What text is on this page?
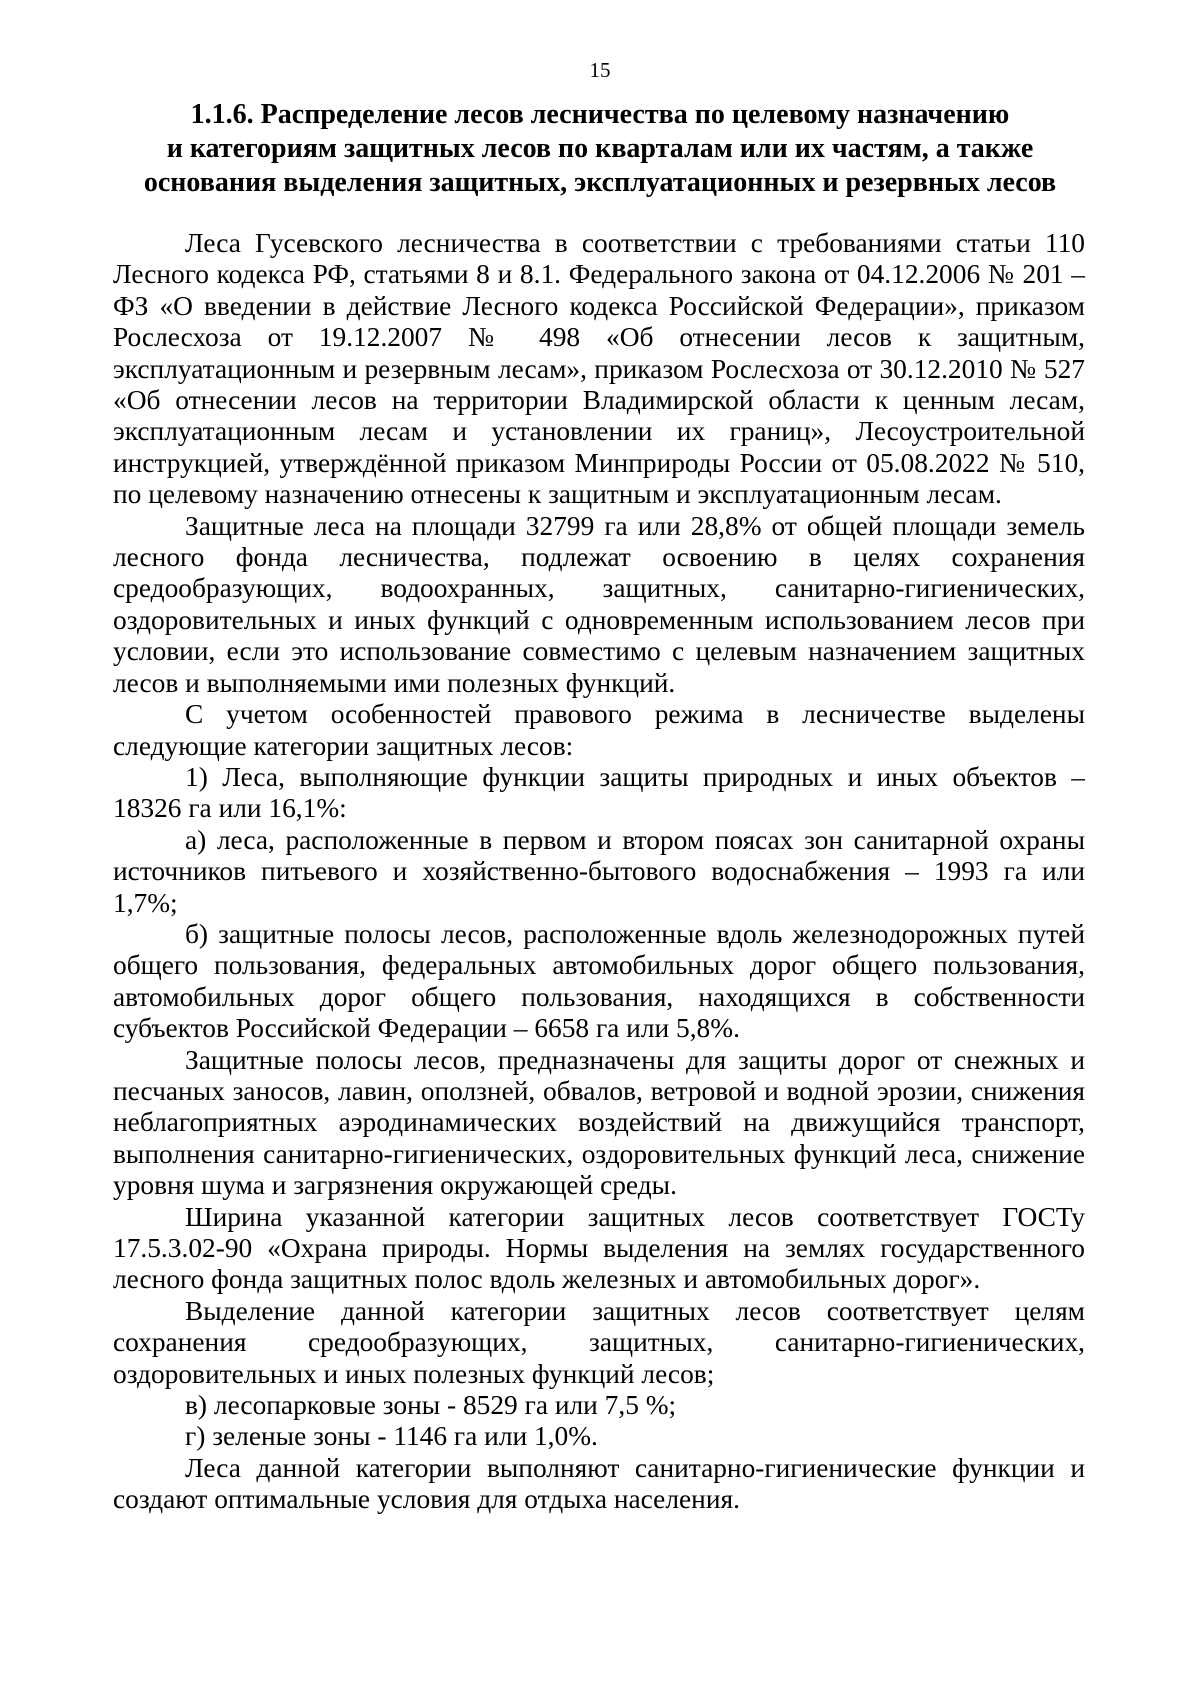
15
1.1.6. Распределение лесов лесничества по целевому назначению
и категориям защитных лесов по кварталам или их частям, а также
основания выделения защитных, эксплуатационных и резервных лесов

Леса Гусевского лесничества в соответствии с требованиями статьи 110 Лесного кодекса РФ, статьями 8 и 8.1. Федерального закона от 04.12.2006 № 201 – ФЗ «О введении в действие Лесного кодекса Российской Федерации», приказом Рослесхоза от 19.12.2007 № 498 «Об отнесении лесов к защитным, эксплуатационным и резервным лесам», приказом Рослесхоза от 30.12.2010 № 527 «Об отнесении лесов на территории Владимирской области к ценным лесам, эксплуатационным лесам и установлении их границ», Лесоустроительной инструкцией, утверждённой приказом Минприроды России от 05.08.2022 № 510, по целевому назначению отнесены к защитным и эксплуатационным лесам.

Защитные леса на площади 32799 га или 28,8% от общей площади земель лесного фонда лесничества, подлежат освоению в целях сохранения средообразующих, водоохранных, защитных, санитарно-гигиенических, оздоровительных и иных функций с одновременным использованием лесов при условии, если это использование совместимо с целевым назначением защитных лесов и выполняемыми ими полезных функций.

С учетом особенностей правового режима в лесничестве выделены следующие категории защитных лесов:

1) Леса, выполняющие функции защиты природных и иных объектов – 18326 га или 16,1%:

а) леса, расположенные в первом и втором поясах зон санитарной охраны источников питьевого и хозяйственно-бытового водоснабжения – 1993 га или 1,7%;

б) защитные полосы лесов, расположенные вдоль железнодорожных путей общего пользования, федеральных автомобильных дорог общего пользования, автомобильных дорог общего пользования, находящихся в собственности субъектов Российской Федерации – 6658 га или 5,8%.

Защитные полосы лесов, предназначены для защиты дорог от снежных и песчаных заносов, лавин, оползней, обвалов, ветровой и водной эрозии, снижения неблагоприятных аэродинамических воздействий на движущийся транспорт, выполнения санитарно-гигиенических, оздоровительных функций леса, снижение уровня шума и загрязнения окружающей среды.

Ширина указанной категории защитных лесов соответствует ГОСТу 17.5.3.02-90 «Охрана природы. Нормы выделения на землях государственного лесного фонда защитных полос вдоль железных и автомобильных дорог».

Выделение данной категории защитных лесов соответствует целям сохранения средообразующих, защитных, санитарно-гигиенических, оздоровительных и иных полезных функций лесов;

в) лесопарковые зоны - 8529 га или 7,5 %;

г) зеленые зоны - 1146 га или 1,0%.

Леса данной категории выполняют санитарно-гигиенические функции и создают оптимальные условия для отдыха населения.
